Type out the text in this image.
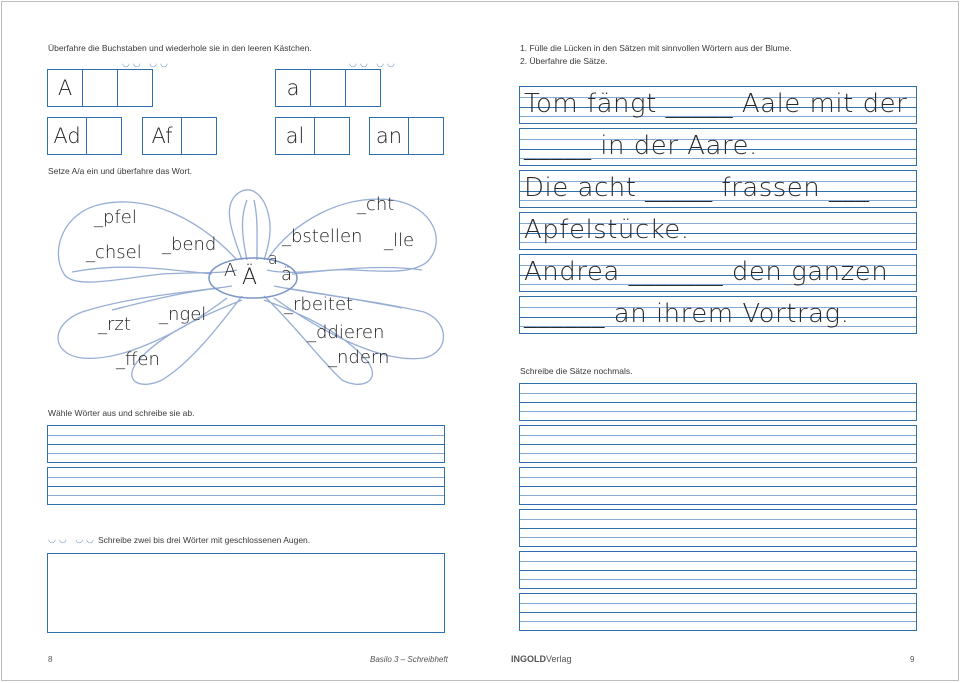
Überfahre die Buchstaben und wiederhole sie in den leeren Kästchen.
◡◡ ◡◡	◡◡ ◡◡
A	a
Ad	Af	al	an
Setze A/a ein und überfahre das Wort.
A Ä
a
ä
_pfel
_chsel _bend
_cht
_bstellen _lle
_rzt _ngel
_ffen
_rbeitet
_ddieren
_ndern
Wähle Wörter aus und schreibe sie ab.
◡◡ ◡◡ Schreibe zwei bis drei Wörter mit geschlossenen Augen.
8	Basilo 3 – Schreibheft	INGOLDVerlag
1. Fülle die Lücken in den Sätzen mit sinnvollen Wörtern aus der Blume.
2. Überfahre die Sätze.
Tom fängt _____ Aale mit der
_____ in der Aare.
Die acht _____ frassen ___
Apfelstücke.
Andrea _______ den ganzen
______ an ihrem Vortrag.
Schreibe die Sätze nochmals.
9
